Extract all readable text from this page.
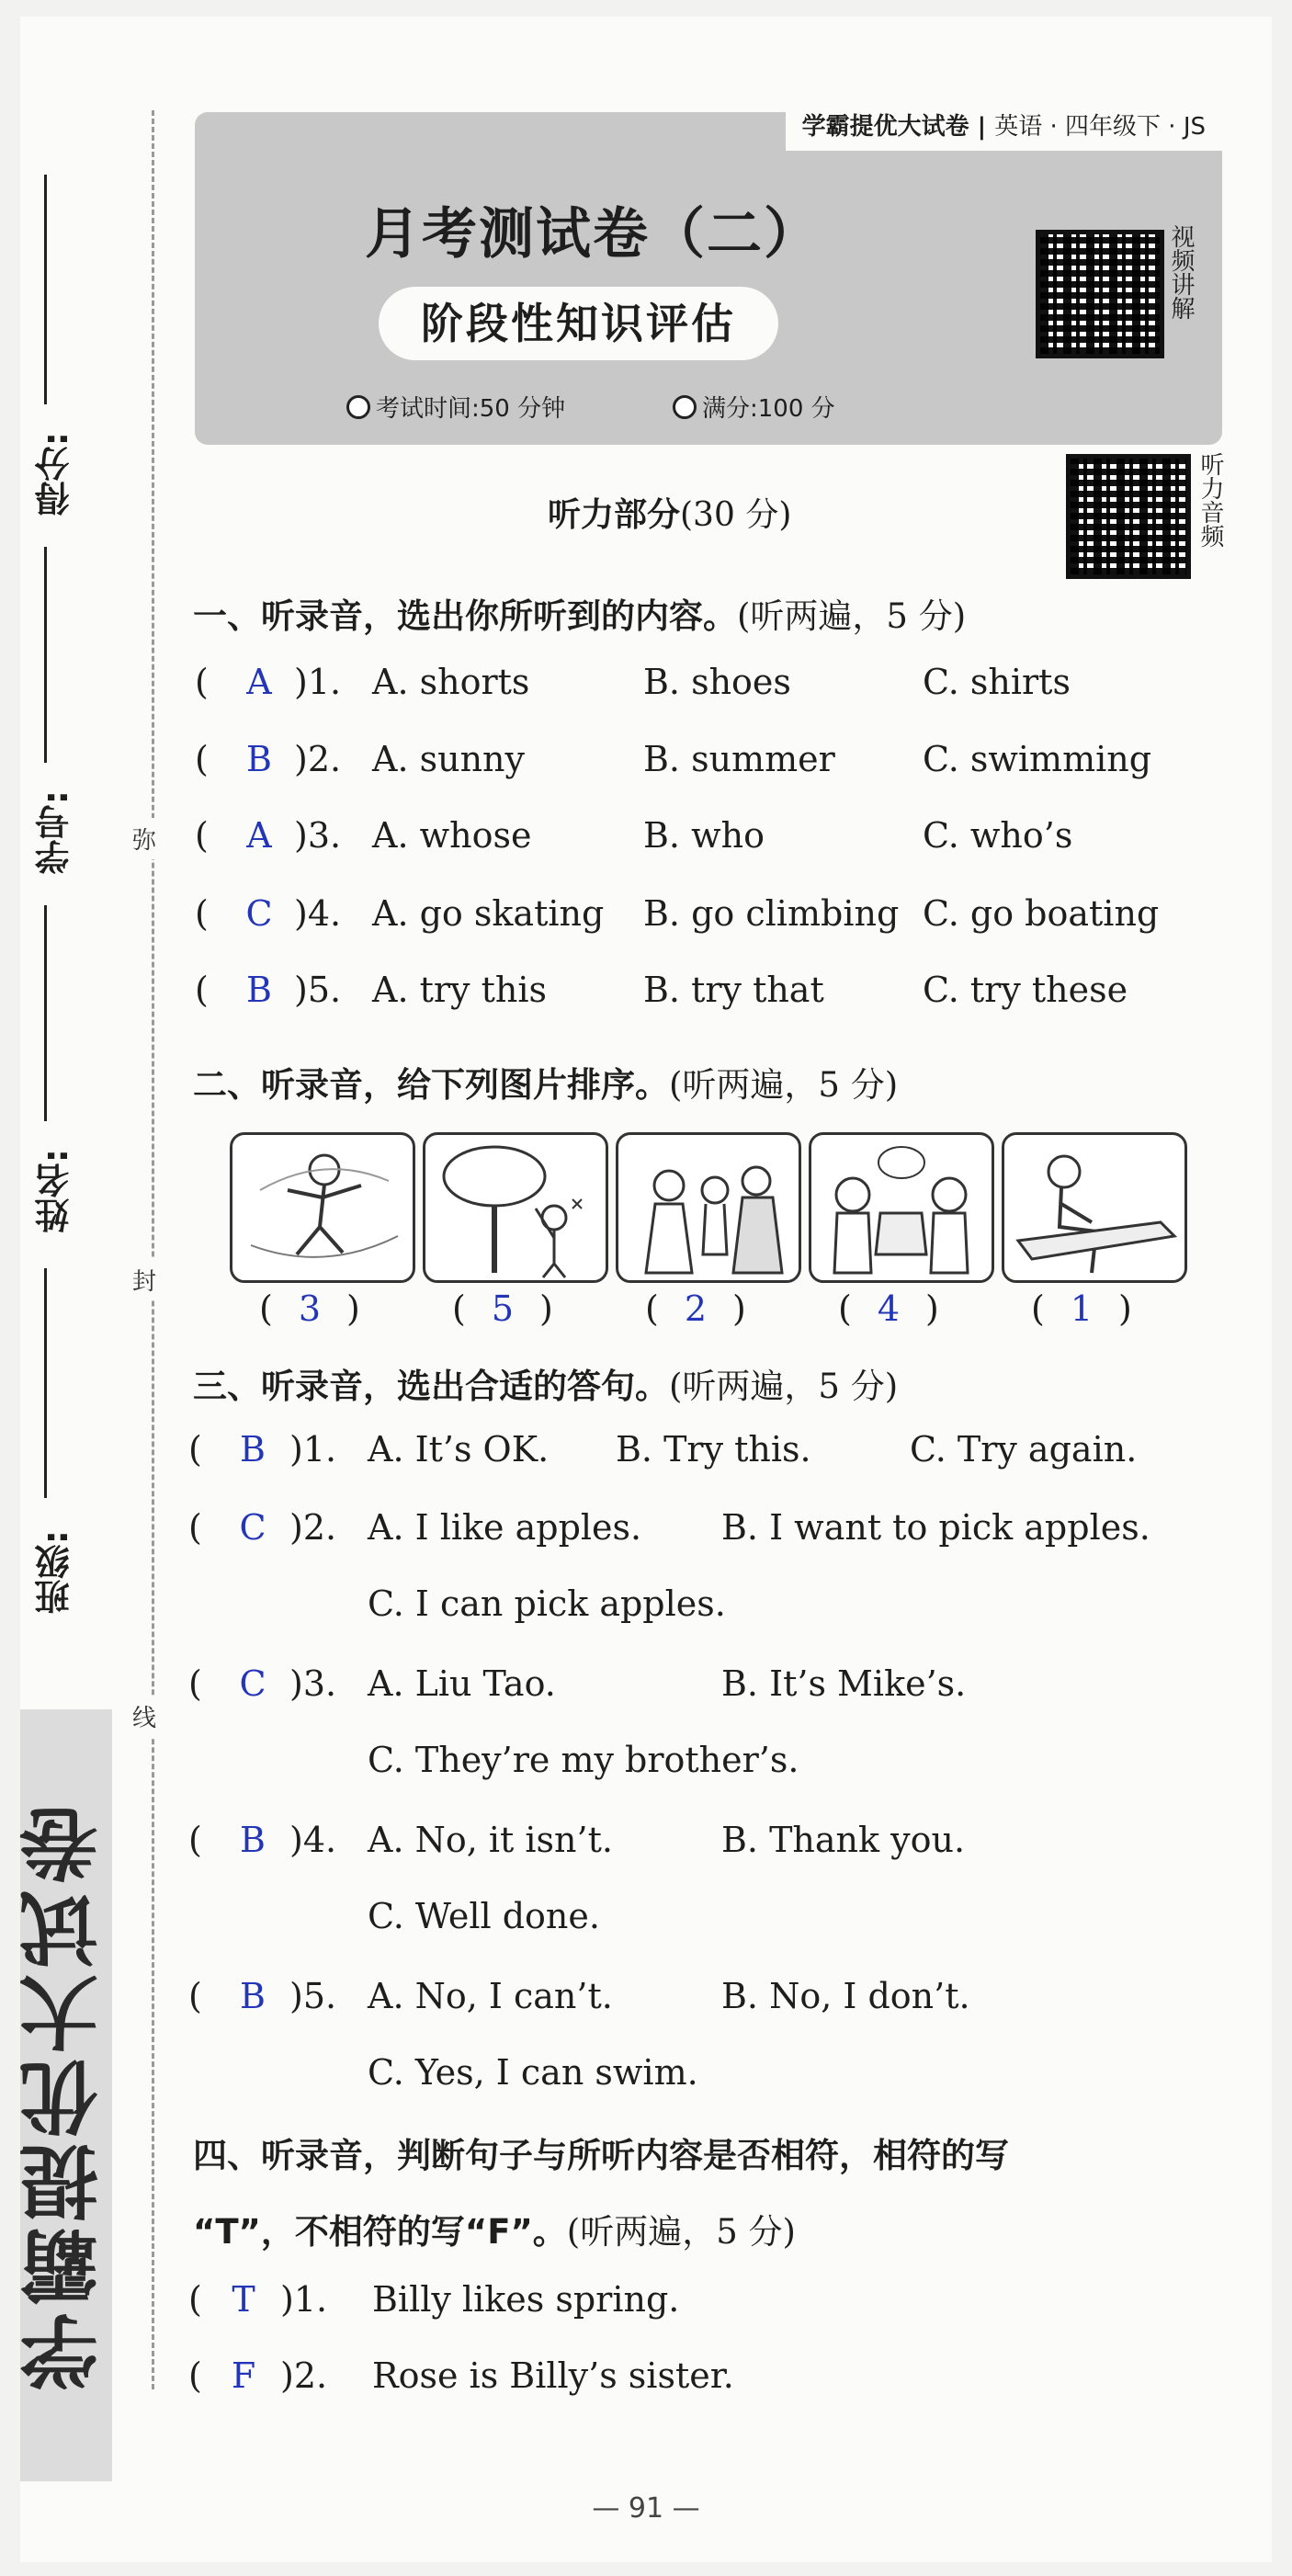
得分:
学号:
姓名:
班级:
学霸提优大试卷
弥
封
线
学霸提优大试卷 | 英语 · 四年级下 · JS
月考测试卷（二）
阶段性知识评估
考试时间:50 分钟	满分:100 分
视频讲解
听力音频
听力部分(30 分)
一、听录音，选出你所听到的内容。(听两遍，5 分)
(	A )1. A. shorts	B. shoes	C. shirts
(	B )2. A. sunny	B. summer	C. swimming
(	A )3. A. whose	B. who	C. who’s
(	C )4. A. go skating B. go climbing C. go boating
(	B )5. A. try this	B. try that	C. try these
二、听录音，给下列图片排序。(听两遍，5 分)
( 3 )	( 5 )	( 2 )	( 4 )	( 1 )
三、听录音，选出合适的答句。(听两遍，5 分)
(	B )1. A. It’s OK. B. Try this.	C. Try again.
(	C )2. A. I like apples. B. I want to pick apples.
C. I can pick apples.
(	C )3. A. Liu Tao.	B. It’s Mike’s.
C. They’re my brother’s.
(	B )4. A. No, it isn’t.	B. Thank you.
C. Well done.
(	B )5. A. No, I can’t.	B. No, I don’t.
C. Yes, I can swim.
四、听录音，判断句子与所听内容是否相符，相符的写
“T”，不相符的写“F”。(听两遍，5 分)
( T )1. Billy likes spring.
( F )2. Rose is Billy’s sister.
— 91 —
